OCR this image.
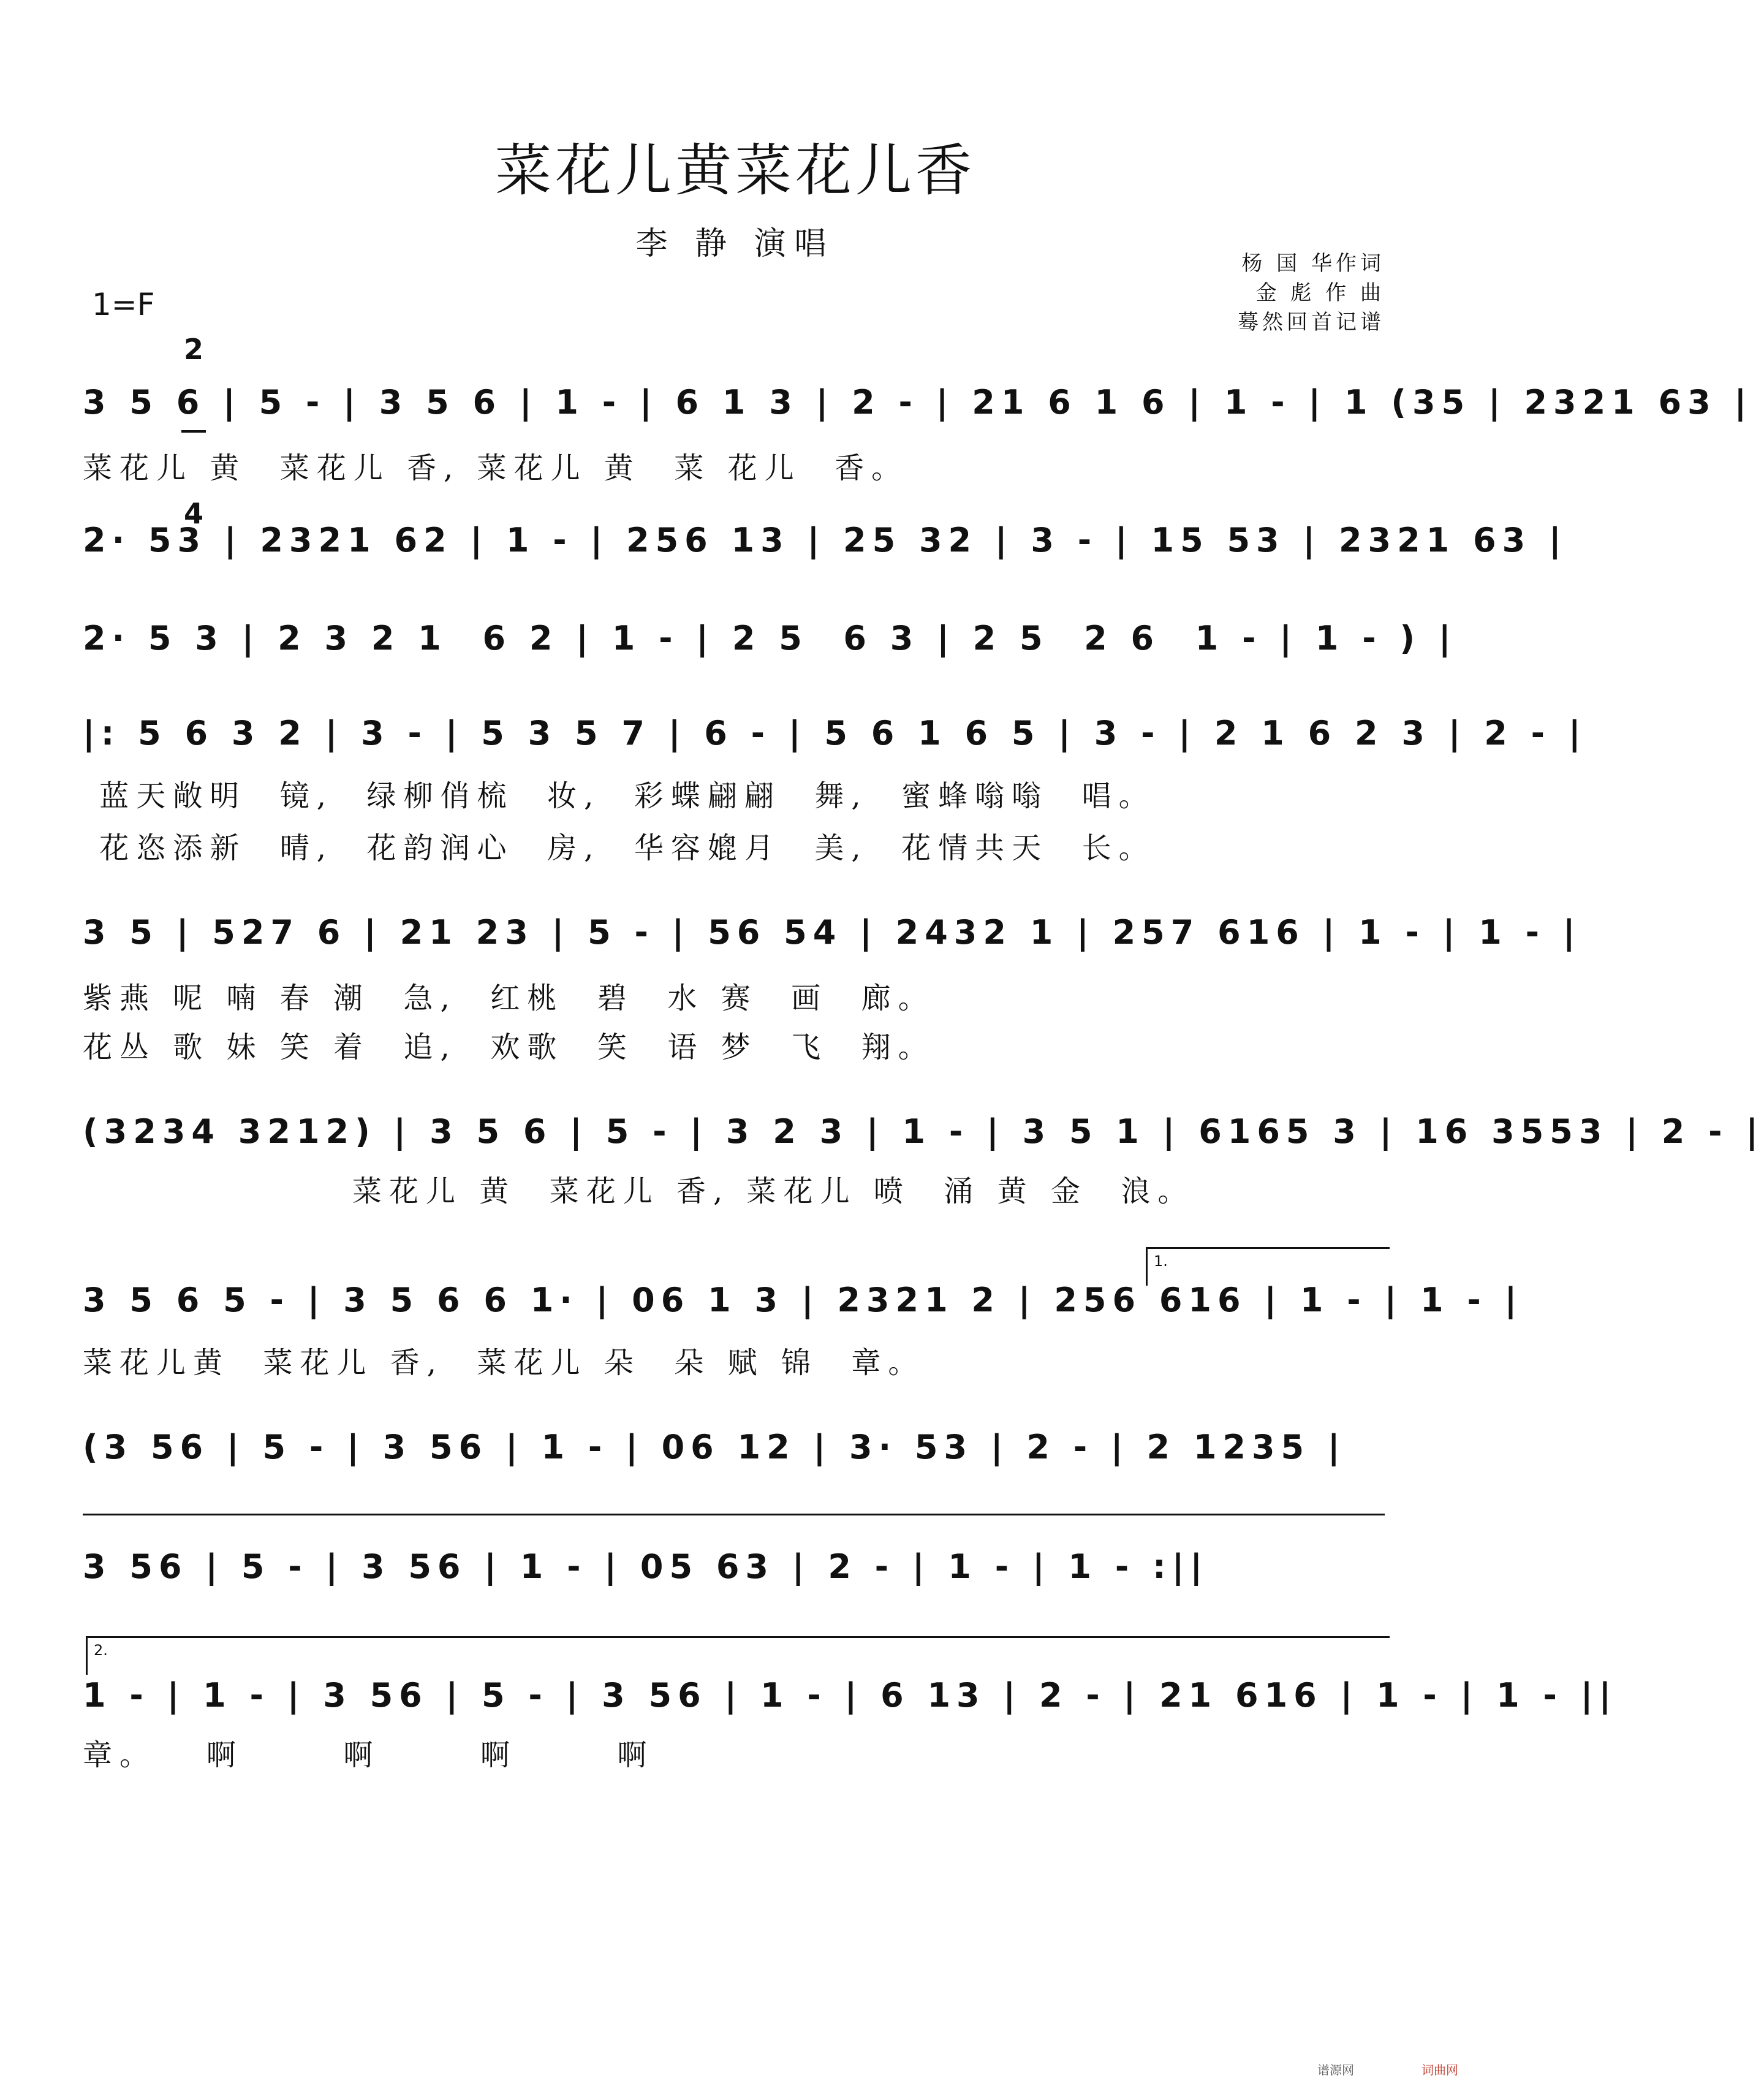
菜花儿黄菜花儿香
李 静 演唱
杨 国 华作词
金 彪 作 曲
蓦然回首记谱
1=F

2

4

3 5 6 | 5 - | 3 5 6 | 1 - | 6 1 3 | 2 - | 21 6 1 6 | 1 - | 1 (35 | 2321 63 |
菜花儿 黄  菜花儿 香, 菜花儿 黄  菜 花儿  香。
2· 53 | 2321 62 | 1 - | 256 13 | 25 32 | 3 - | 15 53 | 2321 63 |
2· 5 3 | 2 3 2 1  6 2 | 1 - | 2 5  6 3 | 2 5  2 6  1 - | 1 - ) |
|: 5 6 3 2 | 3 - | 5 3 5 7 | 6 - | 5 6 1 6 5 | 3 - | 2 1 6 2 3 | 2 - |
蓝天敞明  镜,  绿柳俏梳  妆,  彩蝶翩翩  舞,  蜜蜂嗡嗡  唱。
花恣添新  晴,  花韵润心  房,  华容媲月  美,  花情共天  长。
3 5 | 527 6 | 21 23 | 5 - | 56 54 | 2432 1 | 257 616 | 1 - | 1 - |
紫燕 呢 喃 春 潮  急,  红桃  碧  水 赛  画  廊。
花丛 歌 妹 笑 着  追,  欢歌  笑  语 梦  飞  翔。
(3234 3212) | 3 5 6 | 5 - | 3 2 3 | 1 - | 3 5 1 | 6165 3 | 16 3553 | 2 - |
菜花儿 黄  菜花儿 香, 菜花儿 喷  涌 黄 金  浪。
1.
3 5 6 5 - | 3 5 6 6 1· | 06 1 3 | 2321 2 | 256 616 | 1 - | 1 - |
菜花儿黄  菜花儿 香,  菜花儿 朵  朵 赋 锦  章。
(3 56 | 5 - | 3 56 | 1 - | 06 12 | 3· 53 | 2 - | 2 1235 |
3 56 | 5 - | 3 56 | 1 - | 05 63 | 2 - | 1 - | 1 - :||
2.
1 - | 1 - | 3 56 | 5 - | 3 56 | 1 - | 6 13 | 2 - | 21 616 | 1 - | 1 - ||
章。   啊      啊      啊      啊
谱源网	词曲网
